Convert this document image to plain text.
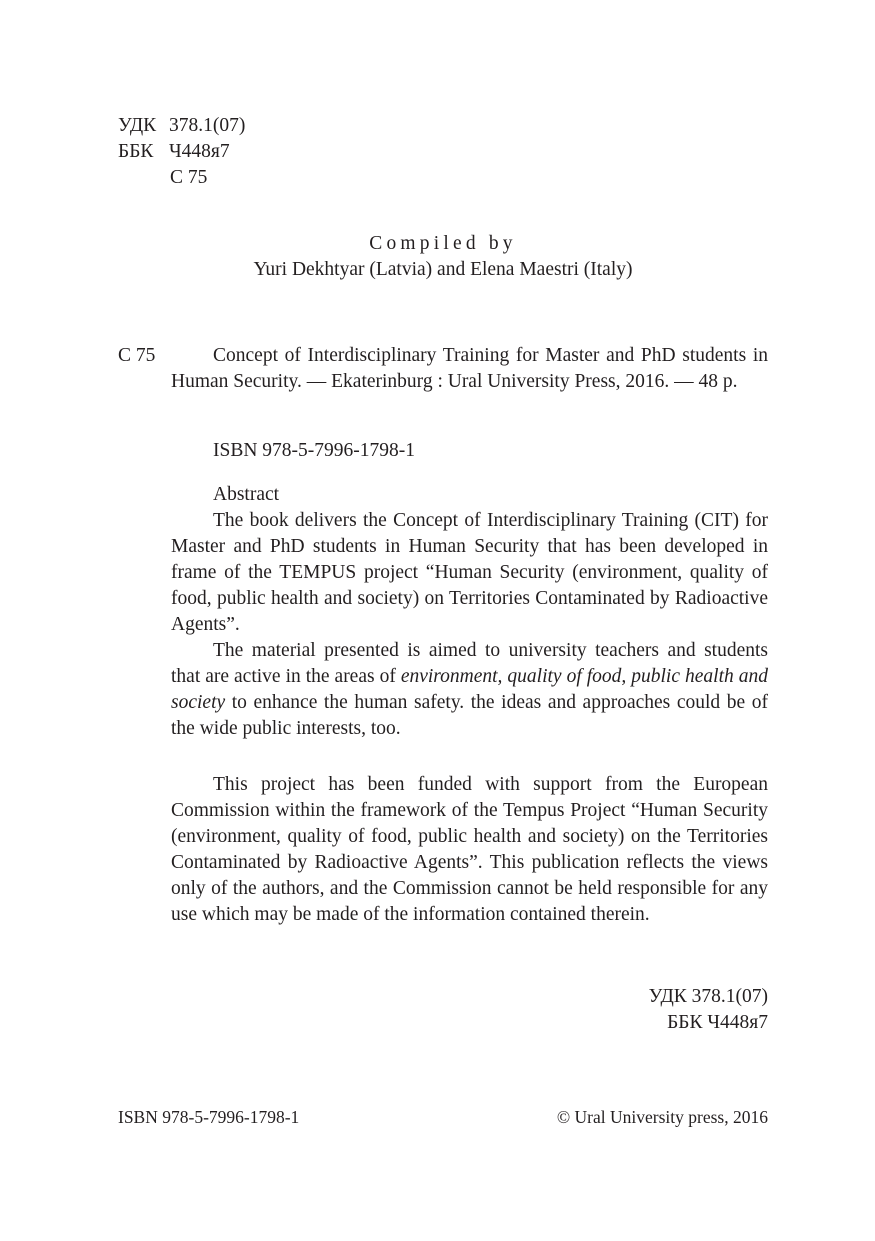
УДК 378.1(07)
ББК Ч448я7
С 75
Compiled by
Yuri Dekhtyar (Latvia) and Elena Maestri (Italy)
С 75	Concept of Interdisciplinary Training for Master and PhD students in Human Security. — Ekaterinburg : Ural University Press, 2016. — 48 p.

ISBN 978-5-7996-1798-1

Abstract

The book delivers the Concept of Interdisciplinary Training (CIT) for Master and PhD students in Human Security that has been developed in frame of the TEMPUS project “Human Security (environment, quality of food, public health and society) on Territories Contaminated by Radioactive Agents”.

The material presented is aimed to university teachers and students that are active in the areas of environment, quality of food, public health and society to enhance the human safety. the ideas and approaches could be of the wide public interests, too.

This project has been funded with support from the European Commission within the framework of the Tempus Project “Human Security (environment, quality of food, public health and society) on the Territories Contaminated by Radioactive Agents”. This publication reflects the views only of the authors, and the Commission cannot be held responsible for any use which may be made of the information contained therein.

УДК 378.1(07)
ББК Ч448я7
ISBN 978-5-7996-1798-1	© Ural University press, 2016
